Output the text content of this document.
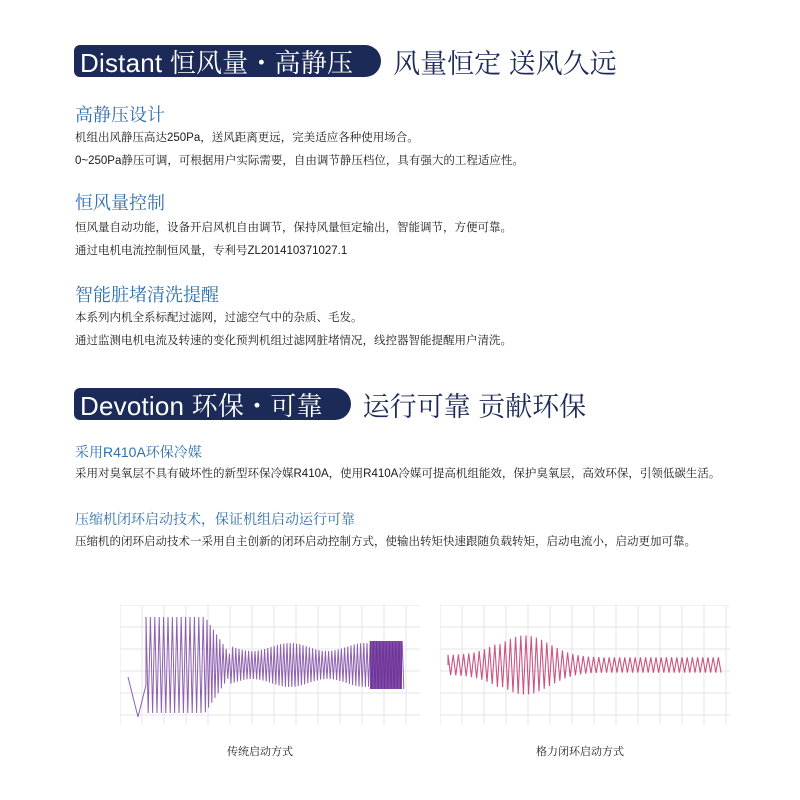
Distant 恒风量・高静压	风量恒定 送风久远
高静压设计
机组出风静压高达250Pa，送风距离更远，完美适应各种使用场合。
0~250Pa静压可调，可根据用户实际需要，自由调节静压档位，具有强大的工程适应性。
恒风量控制
恒风量自动功能，设备开启风机自由调节，保持风量恒定输出，智能调节，方便可靠。
通过电机电流控制恒风量，专利号ZL201410371027.1
智能脏堵清洗提醒
本系列内机全系标配过滤网，过滤空气中的杂质、毛发。
通过监测电机电流及转速的变化预判机组过滤网脏堵情况，线控器智能提醒用户清洗。
Devotion 环保・可靠	运行可靠 贡献环保
采用R410A环保冷媒
采用对臭氧层不具有破坏性的新型环保冷媒R410A，使用R410A冷媒可提高机组能效，保护臭氧层，高效环保，引领低碳生活。
压缩机闭环启动技术，保证机组启动运行可靠
压缩机的闭环启动技术一采用自主创新的闭环启动控制方式，使输出转矩快速跟随负载转矩，启动电流小，启动更加可靠。
传统启动方式	格力闭环启动方式
